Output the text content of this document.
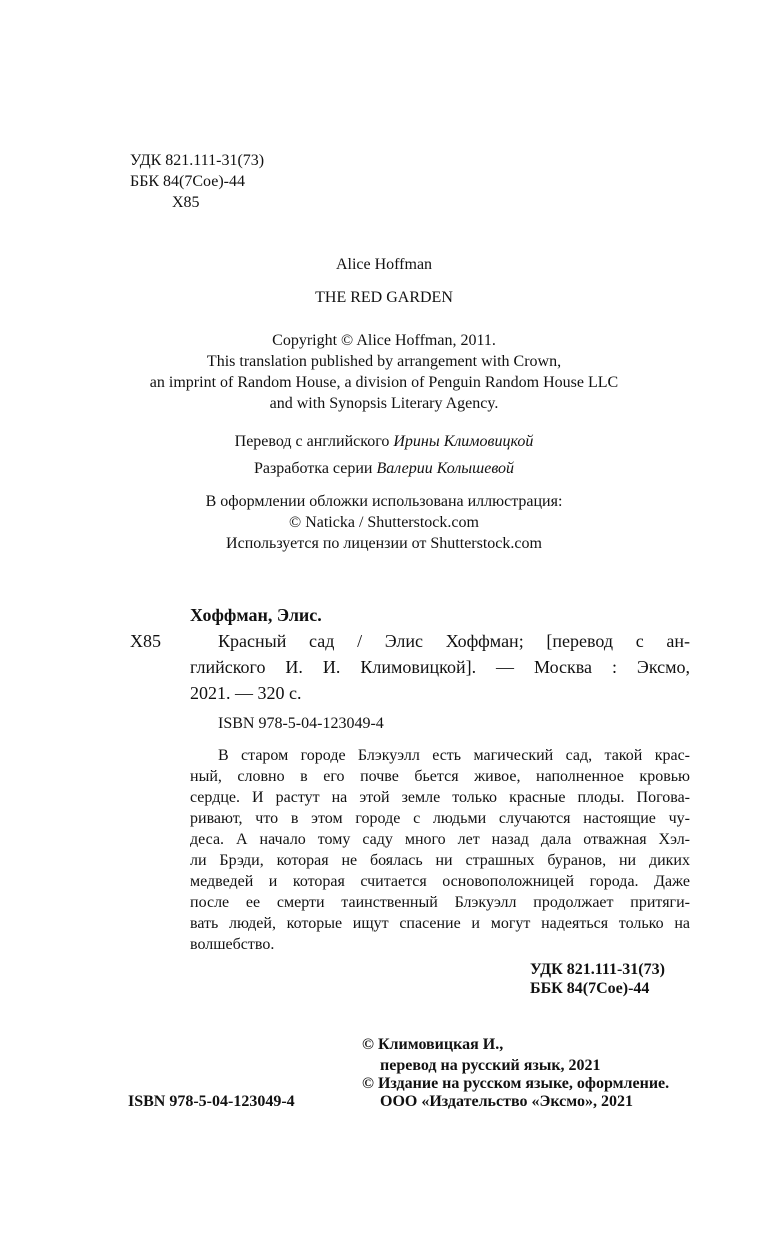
УДК 821.111-31(73)
ББК 84(7Сое)-44
Х85
Alice Hoffman
THE RED GARDEN
Copyright © Alice Hoffman, 2011.
This translation published by arrangement with Crown,
an imprint of Random House, a division of Penguin Random House LLC
and with Synopsis Literary Agency.
Перевод с английского Ирины Климовицкой
Разработка серии Валерии Колышевой
В оформлении обложки использована иллюстрация:
© Naticka / Shutterstock.com
Используется по лицензии от Shutterstock.com
Хоффман, Элис.
Х85	Красный сад / Элис Хоффман; [перевод с ан-
глийского И. И. Климовицкой]. — Москва : Эксмо,
2021. — 320 с.
ISBN 978-5-04-123049-4
В старом городе Блэкуэлл есть магический сад, такой крас-
ный, словно в его почве бьется живое, наполненное кровью
сердце. И растут на этой земле только красные плоды. Погова-
ривают, что в этом городе с людьми случаются настоящие чу-
деса. А начало тому саду много лет назад дала отважная Хэл-
ли Брэди, которая не боялась ни страшных буранов, ни диких
медведей и которая считается основоположницей города. Даже
после ее смерти таинственный Блэкуэлл продолжает притяги-
вать людей, которые ищут спасение и могут надеяться только на
волшебство.
УДК 821.111-31(73)
ББК 84(7Сое)-44
© Климовицкая И.,
перевод на русский язык, 2021
© Издание на русском языке, оформление.
ООО «Издательство «Эксмо», 2021
ISBN 978-5-04-123049-4
